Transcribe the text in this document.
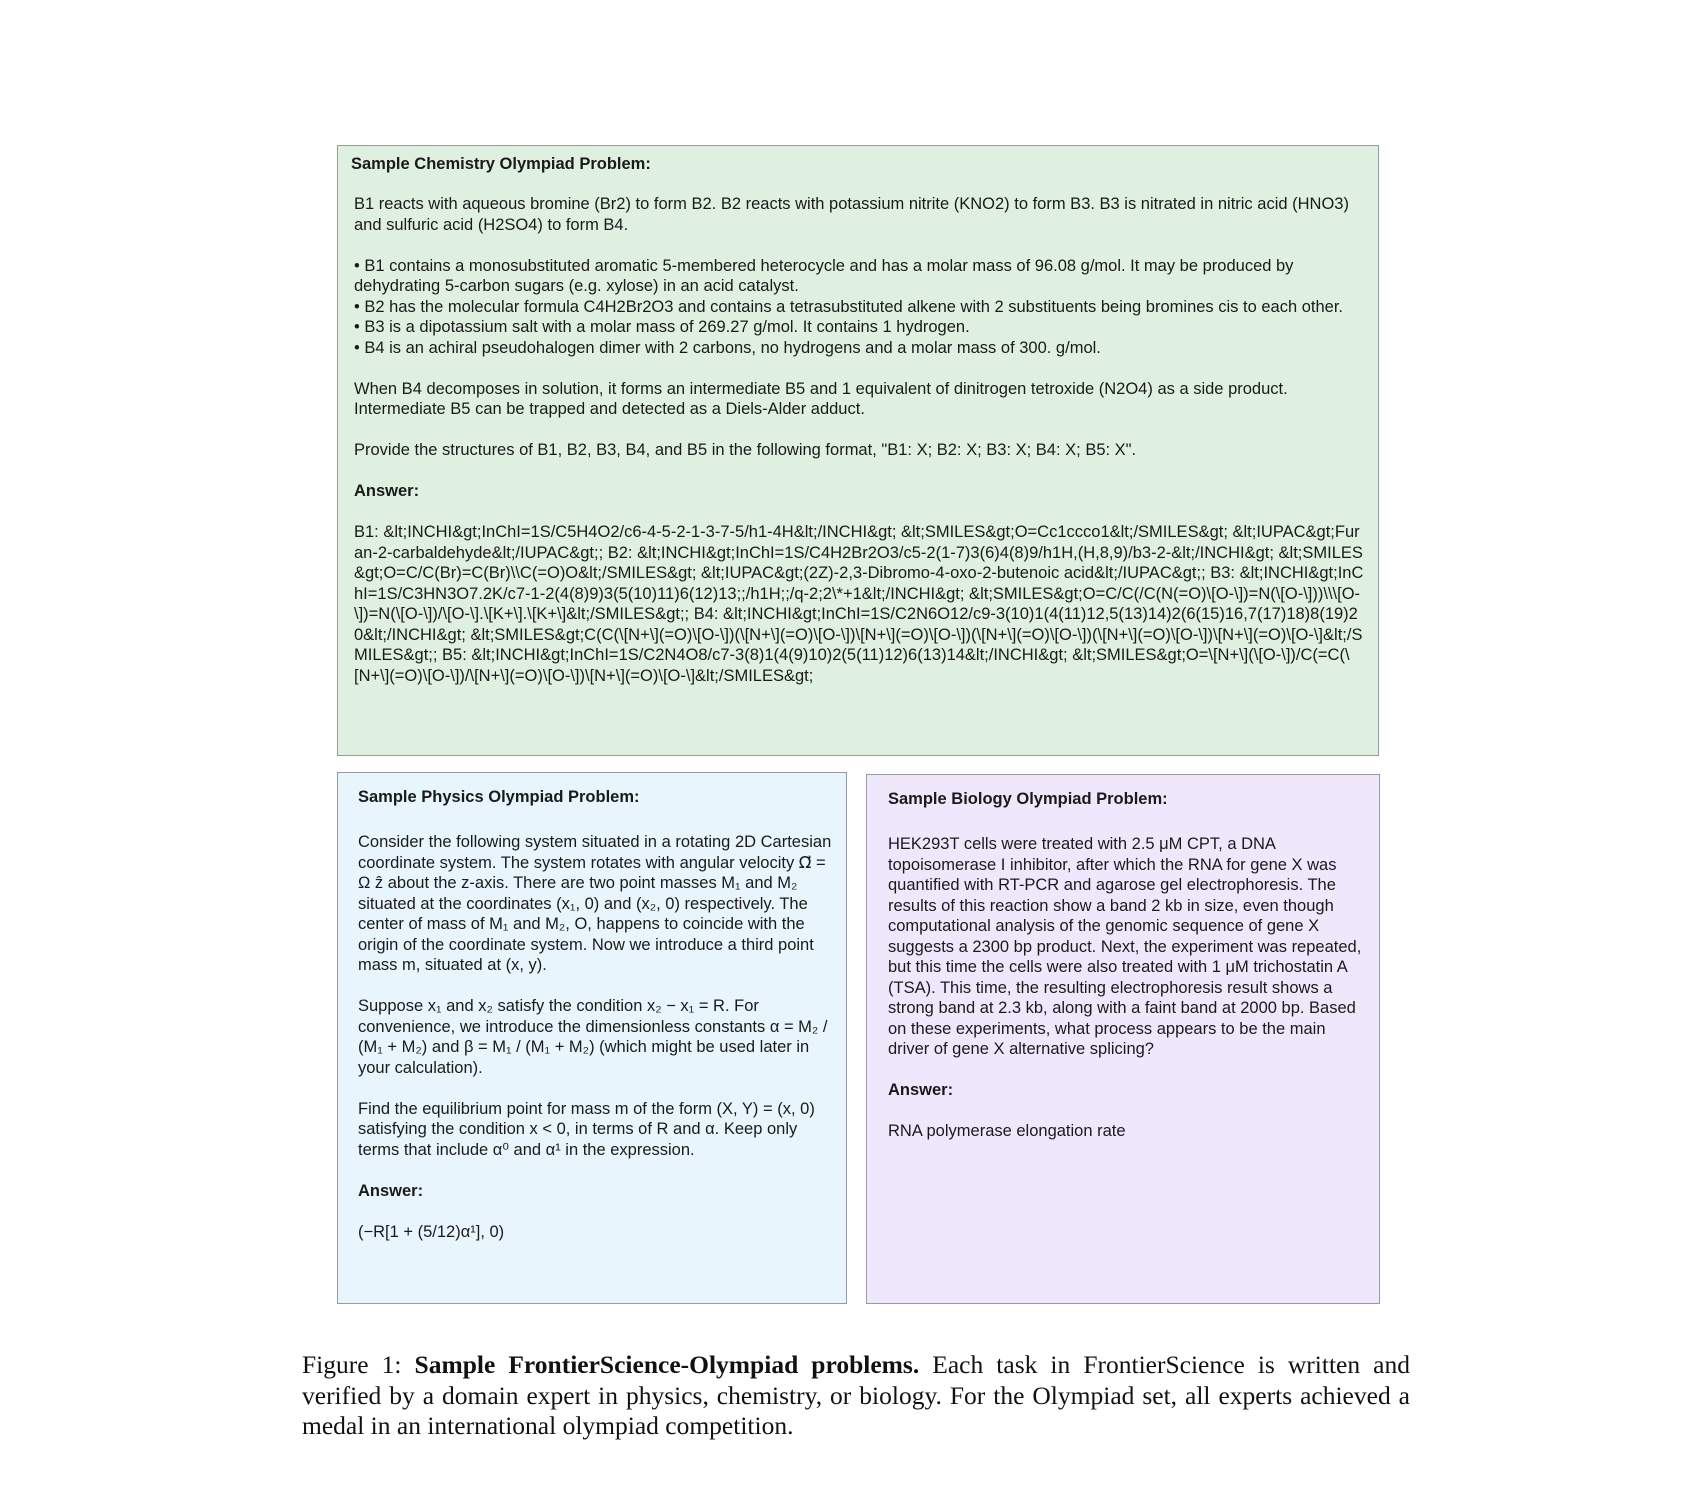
Sample Chemistry Olympiad Problem:

B1 reacts with aqueous bromine (Br2) to form B2. B2 reacts with potassium nitrite (KNO2) to form B3. B3 is nitrated in nitric acid (HNO3) and sulfuric acid (H2SO4) to form B4.

• B1 contains a monosubstituted aromatic 5-membered heterocycle and has a molar mass of 96.08 g/mol. It may be produced by dehydrating 5-carbon sugars (e.g. xylose) in an acid catalyst.

• B2 has the molecular formula C4H2Br2O3 and contains a tetrasubstituted alkene with 2 substituents being bromines cis to each other.

• B3 is a dipotassium salt with a molar mass of 269.27 g/mol. It contains 1 hydrogen.

• B4 is an achiral pseudohalogen dimer with 2 carbons, no hydrogens and a molar mass of 300. g/mol.

When B4 decomposes in solution, it forms an intermediate B5 and 1 equivalent of dinitrogen tetroxide (N2O4) as a side product. Intermediate B5 can be trapped and detected as a Diels-Alder adduct.

Provide the structures of B1, B2, B3, B4, and B5 in the following format, "B1: X; B2: X; B3: X; B4: X; B5: X".

Answer:

B1: &lt;INCHI&gt;InChI=1S/C5H4O2/c6-4-5-2-1-3-7-5/h1-4H&lt;/INCHI&gt; &lt;SMILES&gt;O=Cc1ccco1&lt;/SMILES&gt; &lt;IUPAC&gt;Furan-2-carbaldehyde&lt;/IUPAC&gt;; B2: &lt;INCHI&gt;InChI=1S/C4H2Br2O3/c5-2(1-7)3(6)4(8)9/h1H,(H,8,9)/b3-2-&lt;/INCHI&gt; &lt;SMILES&gt;O=C/C(Br)=C(Br)\\C(=O)O&lt;/SMILES&gt; &lt;IUPAC&gt;(2Z)-2,3-Dibromo-4-oxo-2-butenoic acid&lt;/IUPAC&gt;; B3: &lt;INCHI&gt;InChI=1S/C3HN3O7.2K/c7-1-2(4(8)9)3(5(10)11)6(12)13;;/h1H;;/q-2;2\*+1&lt;/INCHI&gt; &lt;SMILES&gt;O=C/C(/C(N(=O)\[O-\])=N(\[O-\]))\\\[O-\])=N(\[O-\])/\[O-\].\[K+\].\[K+\]&lt;/SMILES&gt;; B4: &lt;INCHI&gt;InChI=1S/C2N6O12/c9-3(10)1(4(11)12,5(13)14)2(6(15)16,7(17)18)8(19)20&lt;/INCHI&gt; &lt;SMILES&gt;C(C(\[N+\](=O)\[O-\])(\[N+\](=O)\[O-\])\[N+\](=O)\[O-\])(\[N+\](=O)\[O-\])(\[N+\](=O)\[O-\])\[N+\](=O)\[O-\]&lt;/SMILES&gt;; B5: &lt;INCHI&gt;InChI=1S/C2N4O8/c7-3(8)1(4(9)10)2(5(11)12)6(13)14&lt;/INCHI&gt; &lt;SMILES&gt;O=\[N+\](\[O-\])/C(=C(\[N+\](=O)\[O-\])/\[N+\](=O)\[O-\])\[N+\](=O)\[O-\]&lt;/SMILES&gt;

Sample Physics Olympiad Problem:

Consider the following system situated in a rotating 2D Cartesian coordinate system. The system rotates with angular velocity Ω⃗ = Ω ẑ about the z-axis. There are two point masses M₁ and M₂ situated at the coordinates (x₁, 0) and (x₂, 0) respectively. The center of mass of M₁ and M₂, O, happens to coincide with the origin of the coordinate system. Now we introduce a third point mass m, situated at (x, y).

Suppose x₁ and x₂ satisfy the condition x₂ − x₁ = R. For convenience, we introduce the dimensionless constants α = M₂ / (M₁ + M₂) and β = M₁ / (M₁ + M₂) (which might be used later in your calculation).

Find the equilibrium point for mass m of the form (X, Y) = (x, 0) satisfying the condition x < 0, in terms of R and α. Keep only terms that include α⁰ and α¹ in the expression.

Answer:

(−R[1 + (5/12)α¹], 0)

Sample Biology Olympiad Problem:

HEK293T cells were treated with 2.5 μM CPT, a DNA topoisomerase I inhibitor, after which the RNA for gene X was quantified with RT-PCR and agarose gel electrophoresis. The results of this reaction show a band 2 kb in size, even though computational analysis of the genomic sequence of gene X suggests a 2300 bp product. Next, the experiment was repeated, but this time the cells were also treated with 1 μM trichostatin A (TSA). This time, the resulting electrophoresis result shows a strong band at 2.3 kb, along with a faint band at 2000 bp. Based on these experiments, what process appears to be the main driver of gene X alternative splicing?

Answer:

RNA polymerase elongation rate

Figure 1: Sample FrontierScience-Olympiad problems. Each task in FrontierScience is written and verified by a domain expert in physics, chemistry, or biology. For the Olympiad set, all experts achieved a medal in an international olympiad competition.
